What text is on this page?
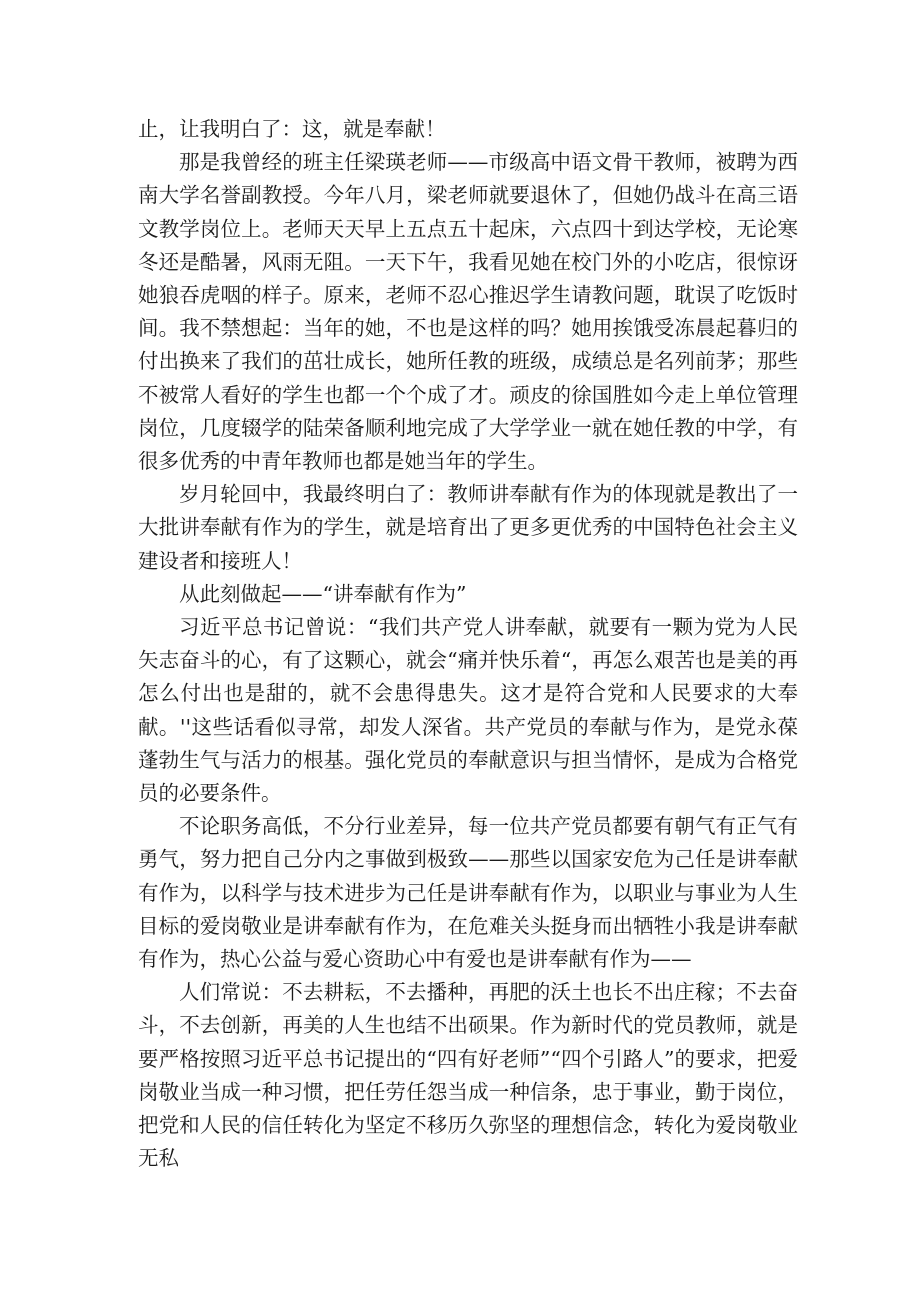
止，让我明白了：这，就是奉献！

那是我曾经的班主任梁瑛老师——市级高中语文骨干教师，被聘为西南大学名誉副教授。今年八月，梁老师就要退休了，但她仍战斗在高三语文教学岗位上。老师天天早上五点五十起床，六点四十到达学校，无论寒冬还是酷暑，风雨无阻。一天下午，我看见她在校门外的小吃店，很惊讶她狼吞虎咽的样子。原来，老师不忍心推迟学生请教问题，耽误了吃饭时间。我不禁想起：当年的她，不也是这样的吗？她用挨饿受冻晨起暮归的付出换来了我们的茁壮成长，她所任教的班级，成绩总是名列前茅；那些不被常人看好的学生也都一个个成了才。顽皮的徐国胜如今走上单位管理岗位，几度辍学的陆荣备顺利地完成了大学学业一就在她任教的中学，有很多优秀的中青年教师也都是她当年的学生。

岁月轮回中，我最终明白了：教师讲奉献有作为的体现就是教出了一大批讲奉献有作为的学生，就是培育出了更多更优秀的中国特色社会主义建设者和接班人！

从此刻做起——“讲奉献有作为”

习近平总书记曾说：“我们共产党人讲奉献，就要有一颗为党为人民矢志奋斗的心，有了这颗心，就会“痛并快乐着“，再怎么艰苦也是美的再怎么付出也是甜的，就不会患得患失。这才是符合党和人民要求的大奉献。''这些话看似寻常，却发人深省。共产党员的奉献与作为，是党永葆蓬勃生气与活力的根基。强化党员的奉献意识与担当情怀，是成为合格党员的必要条件。

不论职务高低，不分行业差异，每一位共产党员都要有朝气有正气有勇气，努力把自己分内之事做到极致——那些以国家安危为己任是讲奉献有作为，以科学与技术进步为己任是讲奉献有作为，以职业与事业为人生目标的爱岗敬业是讲奉献有作为，在危难关头挺身而出牺牲小我是讲奉献有作为，热心公益与爱心资助心中有爱也是讲奉献有作为——

人们常说：不去耕耘，不去播种，再肥的沃土也长不出庄稼；不去奋斗，不去创新，再美的人生也结不出硕果。作为新时代的党员教师，就是要严格按照习近平总书记提出的“四有好老师”“四个引路人”的要求，把爱岗敬业当成一种习惯，把任劳任怨当成一种信条，忠于事业，勤于岗位，把党和人民的信任转化为坚定不移历久弥坚的理想信念，转化为爱岗敬业无私
